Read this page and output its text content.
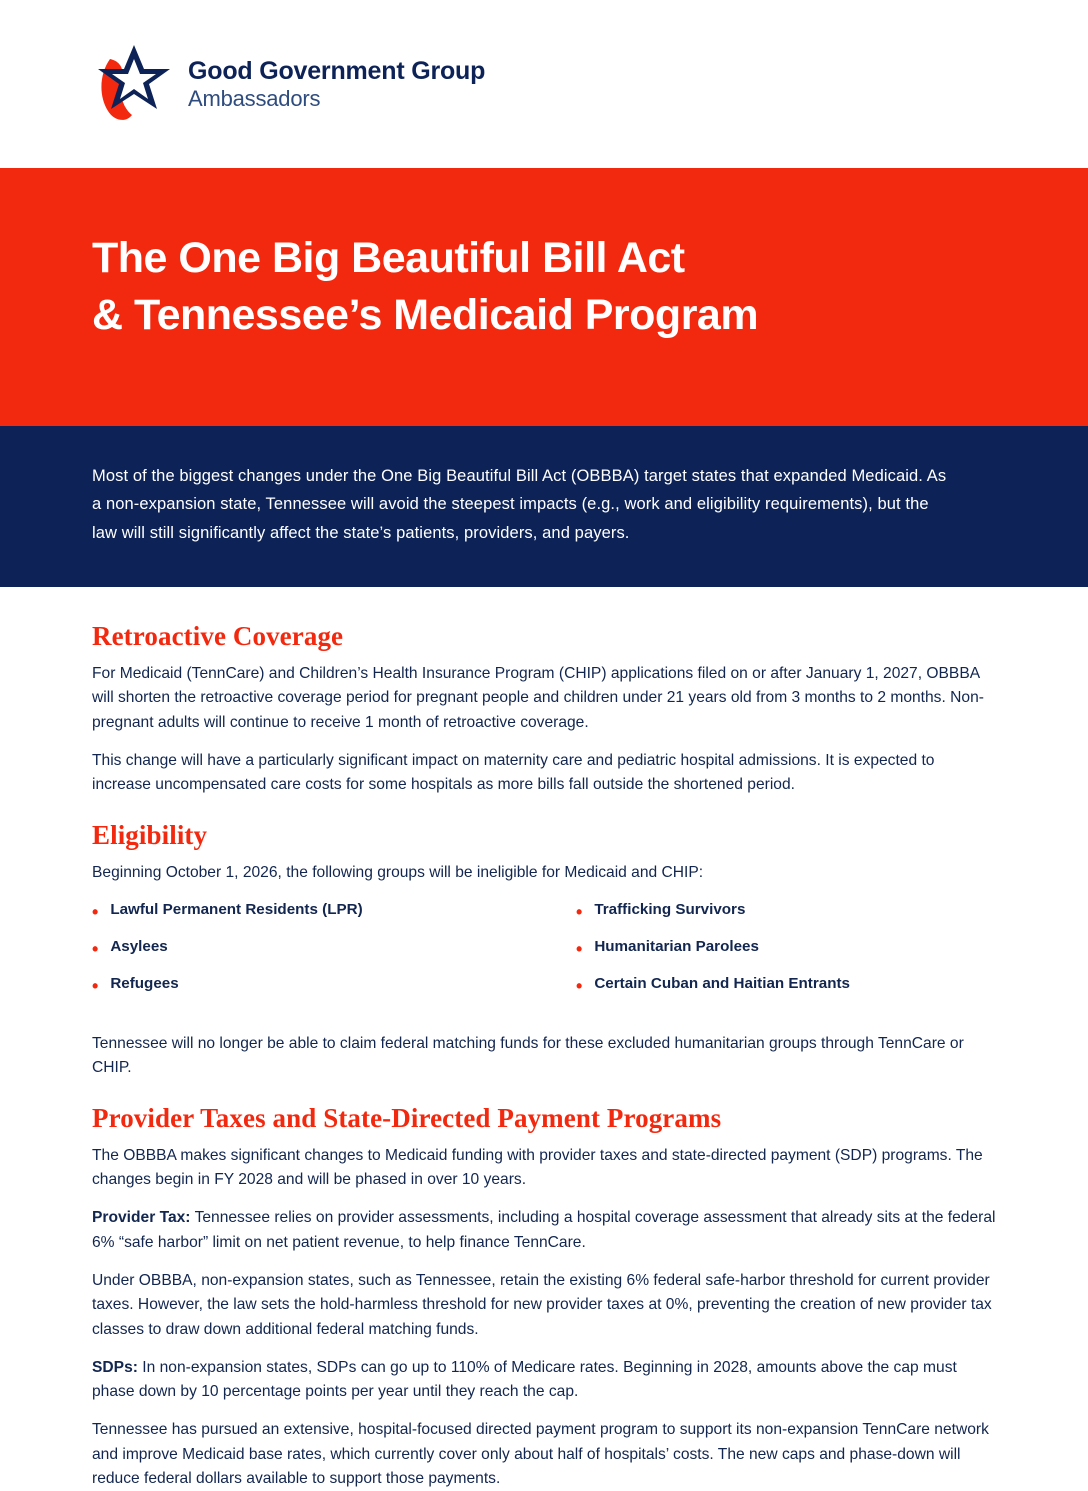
Good Government Group
Ambassadors
The One Big Beautiful Bill Act
& Tennessee’s Medicaid Program

Most of the biggest changes under the One Big Beautiful Bill Act (OBBBA) target states that expanded Medicaid. As a non-expansion state, Tennessee will avoid the steepest impacts (e.g., work and eligibility requirements), but the law will still significantly affect the state’s patients, providers, and payers.

Retroactive Coverage

For Medicaid (TennCare) and Children’s Health Insurance Program (CHIP) applications filed on or after January 1, 2027, OBBBA will shorten the retroactive coverage period for pregnant people and children under 21 years old from 3 months to 2 months. Non-pregnant adults will continue to receive 1 month of retroactive coverage.

This change will have a particularly significant impact on maternity care and pediatric hospital admissions. It is expected to increase uncompensated care costs for some hospitals as more bills fall outside the shortened period.

Eligibility

Beginning October 1, 2026, the following groups will be ineligible for Medicaid and CHIP:

• Lawful Permanent Residents (LPR)
• Asylees
• Refugees
• Trafficking Survivors
• Humanitarian Parolees
• Certain Cuban and Haitian Entrants

Tennessee will no longer be able to claim federal matching funds for these excluded humanitarian groups through TennCare or CHIP.

Provider Taxes and State-Directed Payment Programs

The OBBBA makes significant changes to Medicaid funding with provider taxes and state-directed payment (SDP) programs. The changes begin in FY 2028 and will be phased in over 10 years.

Provider Tax: Tennessee relies on provider assessments, including a hospital coverage assessment that already sits at the federal 6% “safe harbor” limit on net patient revenue, to help finance TennCare.

Under OBBBA, non-expansion states, such as Tennessee, retain the existing 6% federal safe-harbor threshold for current provider taxes. However, the law sets the hold-harmless threshold for new provider taxes at 0%, preventing the creation of new provider tax classes to draw down additional federal matching funds.

SDPs: In non-expansion states, SDPs can go up to 110% of Medicare rates. Beginning in 2028, amounts above the cap must phase down by 10 percentage points per year until they reach the cap.

Tennessee has pursued an extensive, hospital-focused directed payment program to support its non-expansion TennCare network and improve Medicaid base rates, which currently cover only about half of hospitals’ costs. The new caps and phase-down will reduce federal dollars available to support those payments.
